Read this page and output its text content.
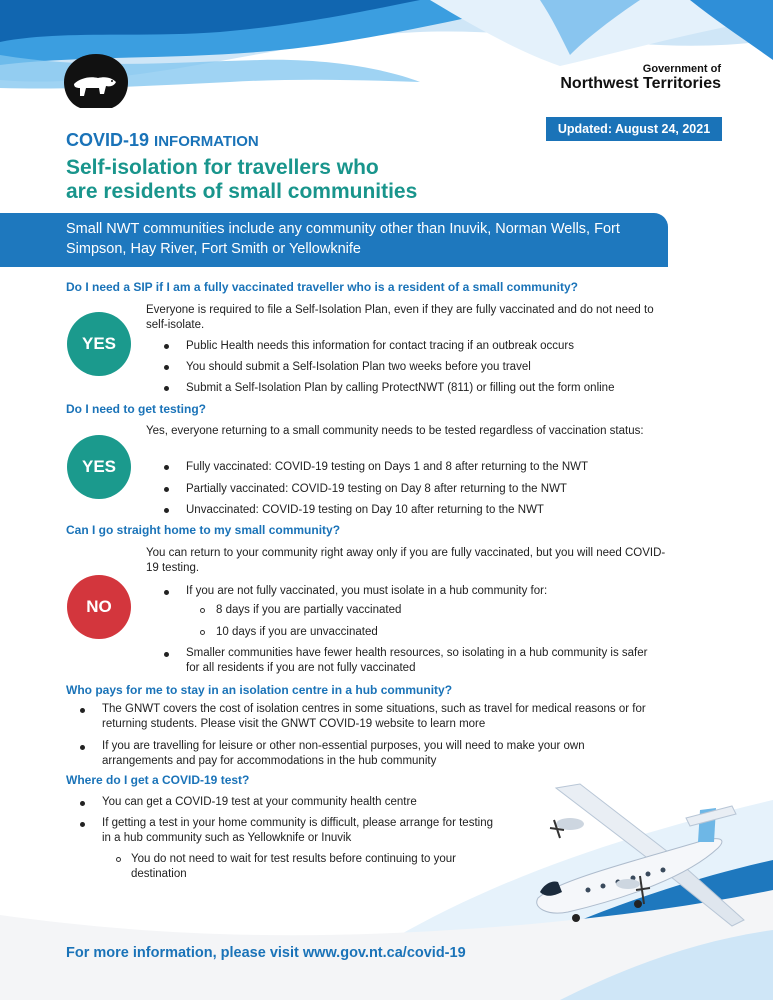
Government of
Northwest Territories
Updated: August 24, 2021
COVID-19 INFORMATION
Self-isolation for travellers who
are residents of small communities
Small NWT communities include any community other than Inuvik, Norman Wells, Fort Simpson, Hay River, Fort Smith or Yellowknife
Do I need a SIP if I am a fully vaccinated traveller who is a resident of a small community?
YES
Everyone is required to file a Self-Isolation Plan, even if they are fully vaccinated and do not need to self-isolate.
Public Health needs this information for contact tracing if an outbreak occurs
You should submit a Self-Isolation Plan two weeks before you travel
Submit a Self-Isolation Plan by calling ProtectNWT (811) or filling out the form online
Do I need to get testing?
YES
Yes, everyone returning to a small community needs to be tested regardless of vaccination status:
Fully vaccinated: COVID-19 testing on Days 1 and 8 after returning to the NWT
Partially vaccinated: COVID-19 testing on Day 8 after returning to the NWT
Unvaccinated: COVID-19 testing on Day 10 after returning to the NWT
Can I go straight home to my small community?
NO
You can return to your community right away only if you are fully vaccinated, but you will need COVID-19 testing.
If you are not fully vaccinated, you must isolate in a hub community for:
8 days if you are partially vaccinated
10 days if you are unvaccinated
Smaller communities have fewer health resources, so isolating in a hub community is safer for all residents if you are not fully vaccinated
Who pays for me to stay in an isolation centre in a hub community?
The GNWT covers the cost of isolation centres in some situations, such as travel for medical reasons or for returning students. Please visit the GNWT COVID-19 website to learn more
If you are travelling for leisure or other non-essential purposes, you will need to make your own arrangements and pay for accommodations in the hub community
Where do I get a COVID-19 test?
You can get a COVID-19 test at your community health centre
If getting a test in your home community is difficult, please arrange for testing in a hub community such as Yellowknife or Inuvik
You do not need to wait for test results before continuing to your destination
For more information, please visit www.gov.nt.ca/covid-19
